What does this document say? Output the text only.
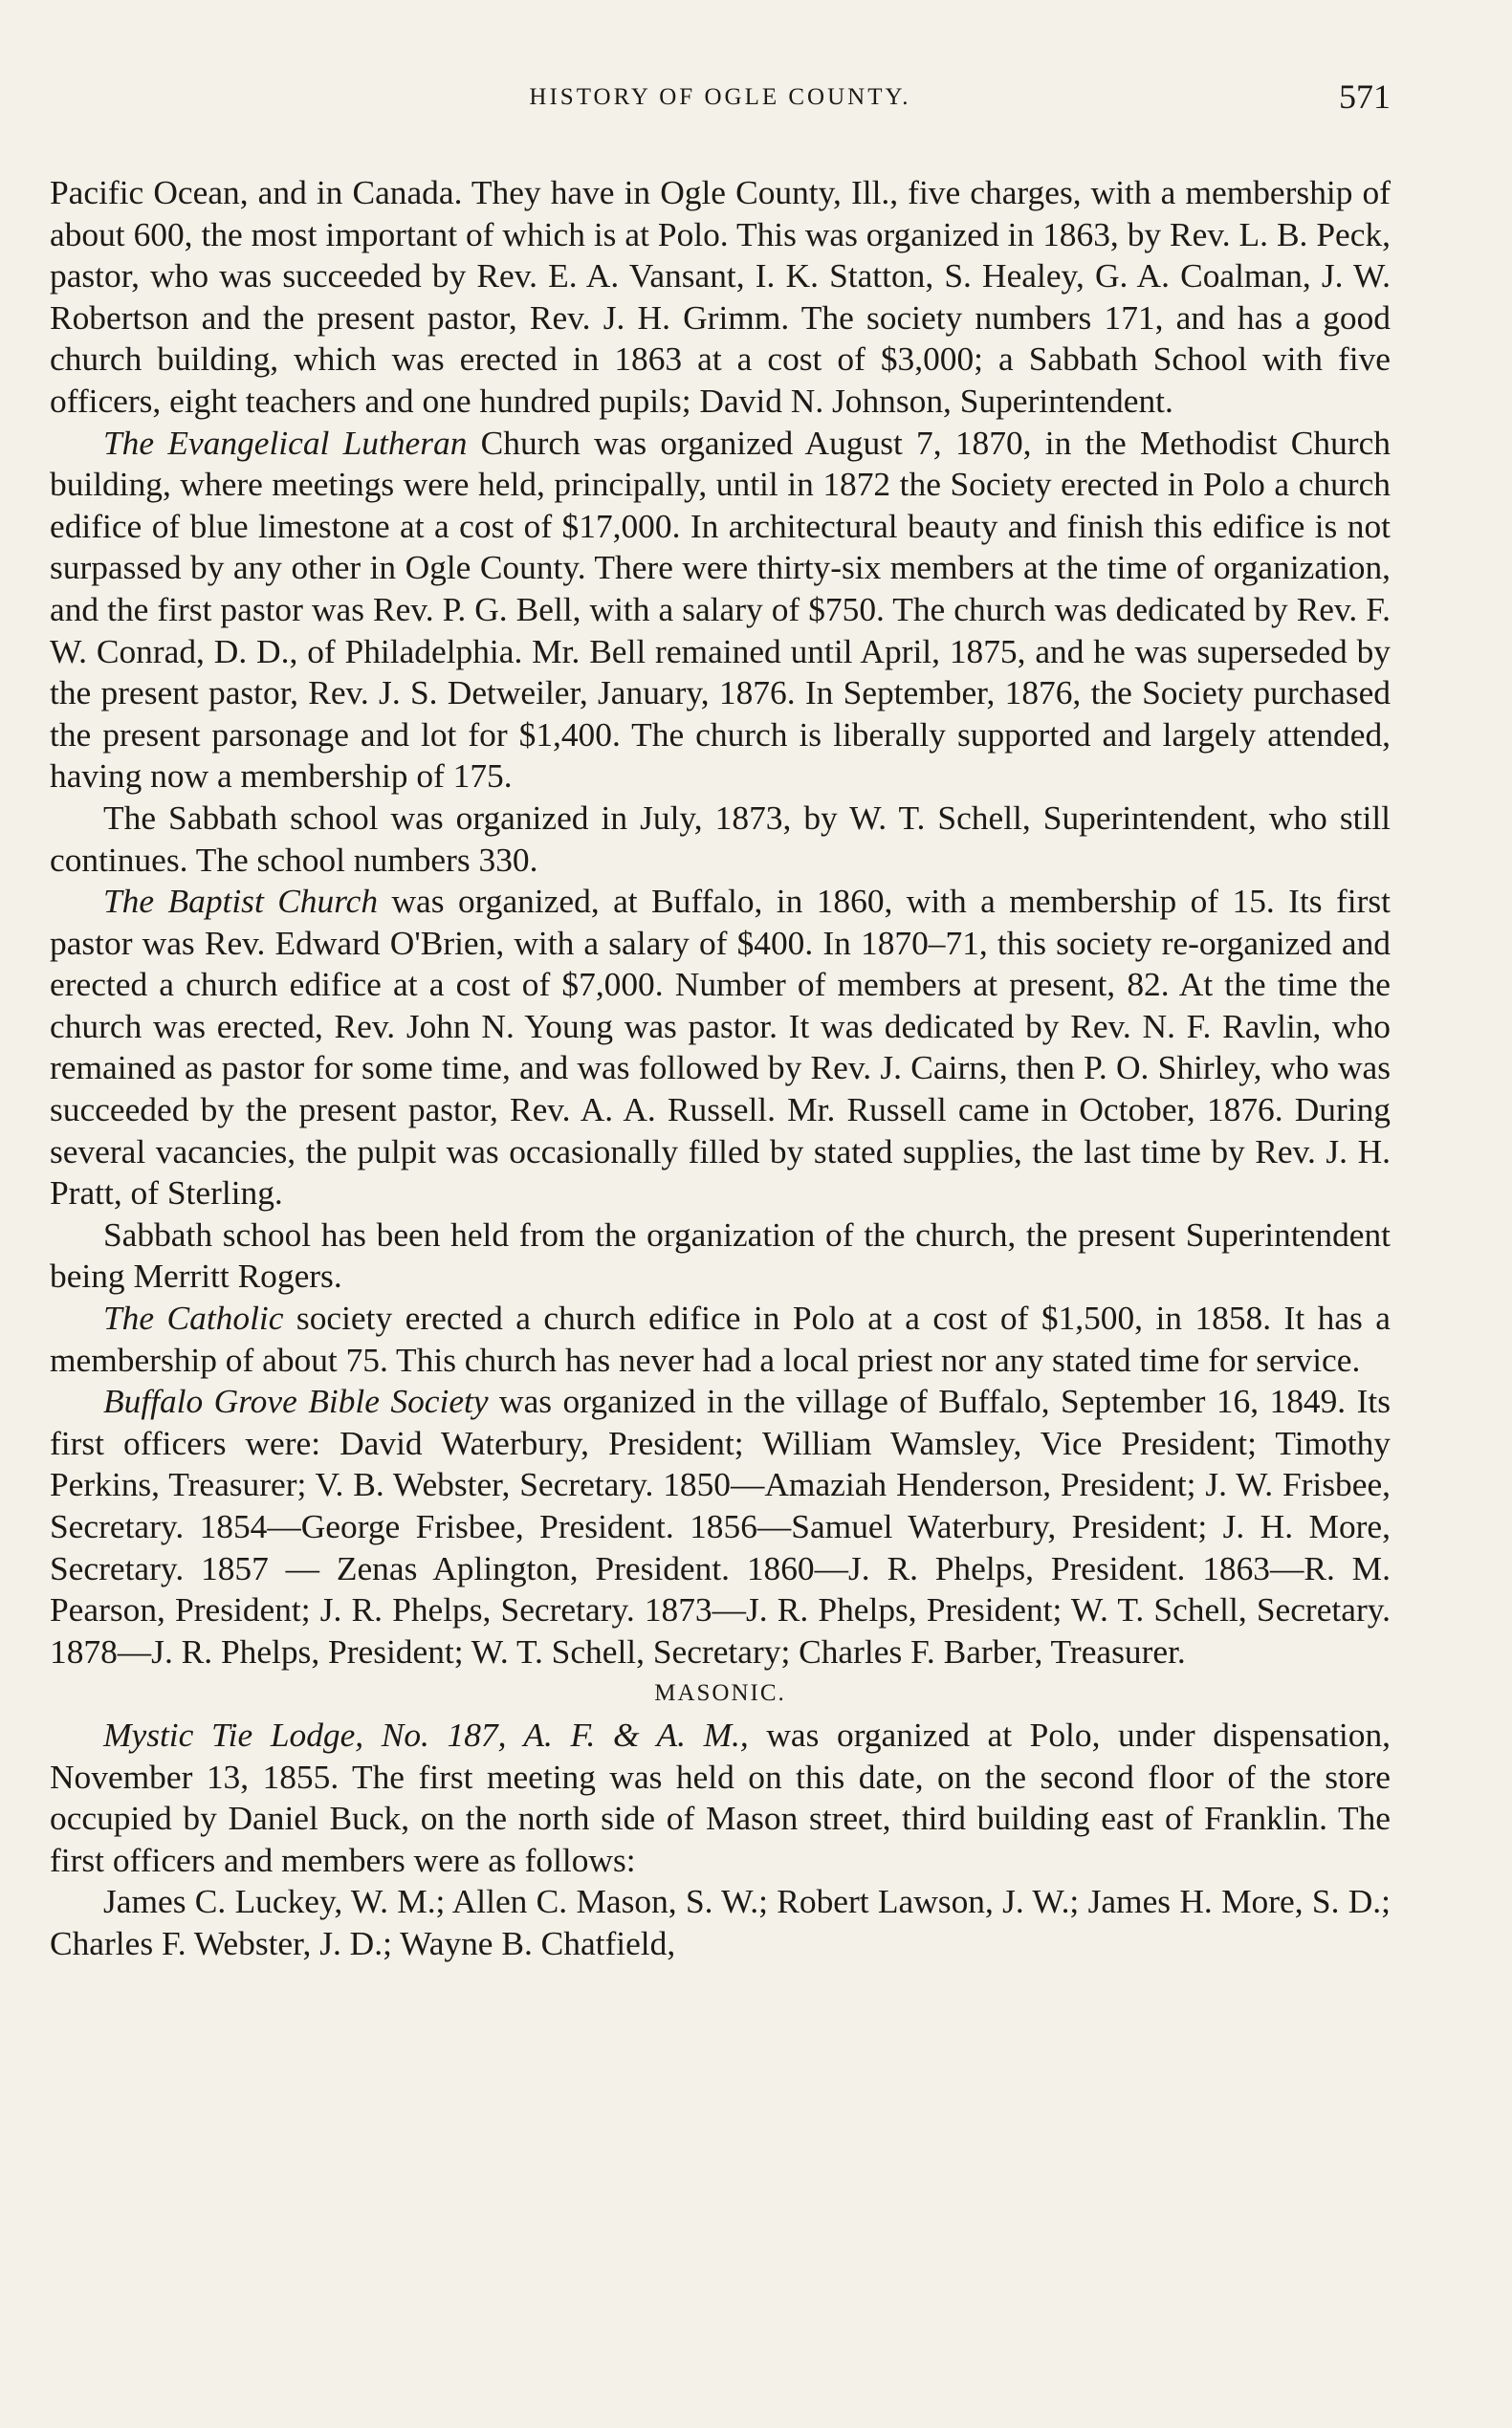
HISTORY OF OGLE COUNTY.	571

Pacific Ocean, and in Canada. They have in Ogle County, Ill., five charges, with a membership of about 600, the most important of which is at Polo. This was organized in 1863, by Rev. L. B. Peck, pastor, who was succeeded by Rev. E. A. Vansant, I. K. Statton, S. Healey, G. A. Coalman, J. W. Robertson and the present pastor, Rev. J. H. Grimm. The society numbers 171, and has a good church building, which was erected in 1863 at a cost of $3,000; a Sabbath School with five officers, eight teachers and one hundred pupils; David N. Johnson, Superintendent.

The Evangelical Lutheran Church was organized August 7, 1870, in the Methodist Church building, where meetings were held, principally, until in 1872 the Society erected in Polo a church edifice of blue limestone at a cost of $17,000. In architectural beauty and finish this edifice is not surpassed by any other in Ogle County. There were thirty-six members at the time of organization, and the first pastor was Rev. P. G. Bell, with a salary of $750. The church was dedicated by Rev. F. W. Conrad, D. D., of Philadelphia. Mr. Bell remained until April, 1875, and he was superseded by the present pastor, Rev. J. S. Detweiler, January, 1876. In September, 1876, the Society purchased the present parsonage and lot for $1,400. The church is liberally supported and largely attended, having now a membership of 175.

The Sabbath school was organized in July, 1873, by W. T. Schell, Superintendent, who still continues. The school numbers 330.

The Baptist Church was organized, at Buffalo, in 1860, with a membership of 15. Its first pastor was Rev. Edward O'Brien, with a salary of $400. In 1870–71, this society re-organized and erected a church edifice at a cost of $7,000. Number of members at present, 82. At the time the church was erected, Rev. John N. Young was pastor. It was dedicated by Rev. N. F. Ravlin, who remained as pastor for some time, and was followed by Rev. J. Cairns, then P. O. Shirley, who was succeeded by the present pastor, Rev. A. A. Russell. Mr. Russell came in October, 1876. During several vacancies, the pulpit was occasionally filled by stated supplies, the last time by Rev. J. H. Pratt, of Sterling.

Sabbath school has been held from the organization of the church, the present Superintendent being Merritt Rogers.

The Catholic society erected a church edifice in Polo at a cost of $1,500, in 1858. It has a membership of about 75. This church has never had a local priest nor any stated time for service.

Buffalo Grove Bible Society was organized in the village of Buffalo, September 16, 1849. Its first officers were: David Waterbury, President; William Wamsley, Vice President; Timothy Perkins, Treasurer; V. B. Webster, Secretary. 1850—Amaziah Henderson, President; J. W. Frisbee, Secretary. 1854—George Frisbee, President. 1856—Samuel Waterbury, President; J. H. More, Secretary. 1857 — Zenas Aplington, President. 1860—J. R. Phelps, President. 1863—R. M. Pearson, President; J. R. Phelps, Secretary. 1873—J. R. Phelps, President; W. T. Schell, Secretary. 1878—J. R. Phelps, President; W. T. Schell, Secretary; Charles F. Barber, Treasurer.

MASONIC.

Mystic Tie Lodge, No. 187, A. F. & A. M., was organized at Polo, under dispensation, November 13, 1855. The first meeting was held on this date, on the second floor of the store occupied by Daniel Buck, on the north side of Mason street, third building east of Franklin. The first officers and members were as follows:

James C. Luckey, W. M.; Allen C. Mason, S. W.; Robert Lawson, J. W.; James H. More, S. D.; Charles F. Webster, J. D.; Wayne B. Chatfield,
